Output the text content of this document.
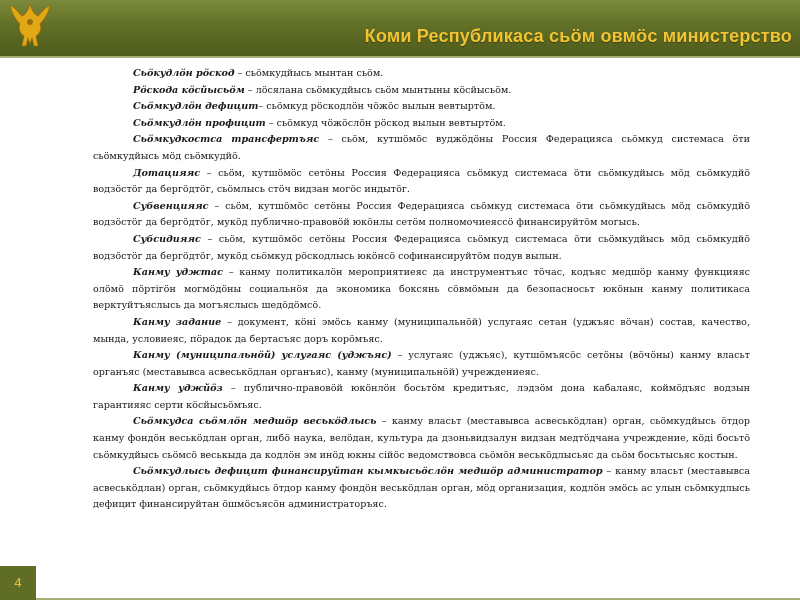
Коми Республикаса сьӧм овмӧс министерство

Сьӧкудлӧн рӧскод – сьӧмкудйысь мынтан сьӧм.

Рӧскода кӧсйысьӧм – лӧсялана сьӧмкудйысь сьӧм мынтыны кӧсйысьӧм.

Сьӧмкудлӧн дефицит– сьӧмкуд рӧскодлӧн чӧжӧс вылын вевтыртӧм.

Сьӧмкудлӧн профицит – сьӧмкуд чӧжӧслӧн рӧскод вылын вевтыртӧм.

Сьӧмкудкостса трансфертъяс – сьӧм, кутшӧмӧс вуджӧдӧны Россия Федерацияса сьӧмкуд системаса ӧти сьӧмкудйысь мӧд сьӧмкудйӧ.

Дотацияяс – сьӧм, кутшӧмӧс сетӧны Россия Федерацияса сьӧмкуд системаса ӧти сьӧмкудйысь мӧд сьӧмкудйӧ водзӧстӧг да бергӧдтӧг, сьӧмлысь стӧч видзан могӧс индытӧг.

Субвенцияяс – сьӧм, кутшӧмӧс сетӧны Россия Федерацияса сьӧмкуд системаса ӧти сьӧмкудйысь мӧд сьӧмкудйӧ водзӧстӧг да бергӧдтӧг, мукӧд публично-правовӧй юкӧнлы сетӧм полномочиеяссӧ финансируйтӧм могысь.

Субсидияяс – сьӧм, кутшӧмӧс сетӧны Россия Федерацияса сьӧмкуд системаса ӧти сьӧмкудйысь мӧд сьӧмкудйӧ водзӧстӧг да бергӧдтӧг, мукӧд сьӧмкуд рӧскодлысь юкӧнсӧ софинансируйтӧм подув вылын.

Канму уджтас – канму политикалӧн мероприятиеяс да инструментъяс тӧчас, кодъяс медшӧр канму функцияяс олӧмӧ пӧртігӧн могмӧдӧны социальнӧя да экономика боксянь сӧвмӧмын да безопасносьт юкӧнын канму политикаса верктуйтъяслысь да могъяслысь шедӧдӧмсӧ.

Канму задание – документ, кӧні эмӧсь канму (муниципальнӧй) услугаяс сетан (уджъяс вӧчан) состав, качество, мында, условиеяс, пӧрадок да бертасъяс доръ корӧмъяс.

Канму (муниципальнӧй) услугаяс (уджъяс) – услугаяс (уджъяс), кутшӧмъясӧс сетӧны (вӧчӧны) канму власьт органъяс (меставывса асвеськӧдлан органъяс), канму (муниципальнӧй) учреждениеяс.

Канму уджйӧз – публично-правовӧй юкӧнлӧн босьтӧм кредитъяс, лэдзӧм дона кабалаяс, коймӧдъяс водзын гарантияяс серти кӧсйысьӧмъяс.

Сьӧмкудса сьӧмлӧн медшӧр веськӧдлысь – канму власьт (меставывса асвеськӧдлан) орган, сьӧмкудйысь ӧтдор канму фондӧн веськӧдлан орган, либӧ наука, велӧдан, культура да дзоньвидзалун видзан медтӧдчана учреждение, кӧді босьтӧ сьӧмкудйысь сьӧмсӧ веськыда да кодлӧн эм инӧд юкны сійӧс ведомствовса сьӧмӧн веськӧдлысьяс да сьӧм босьтысьяс костын.

Сьӧмкудлысь дефицит финансируйтан кымкысьӧслӧн медшӧр администратор – канму власьт (меставывса асвеськӧдлан) орган, сьӧмкудйысь ӧтдор канму фондӧн веськӧдлан орган, мӧд организация, кодлӧн эмӧсь ас улын сьӧмкудлысь дефицит финансируйтан ӧшмӧсъясӧн администраторъяс.

4
